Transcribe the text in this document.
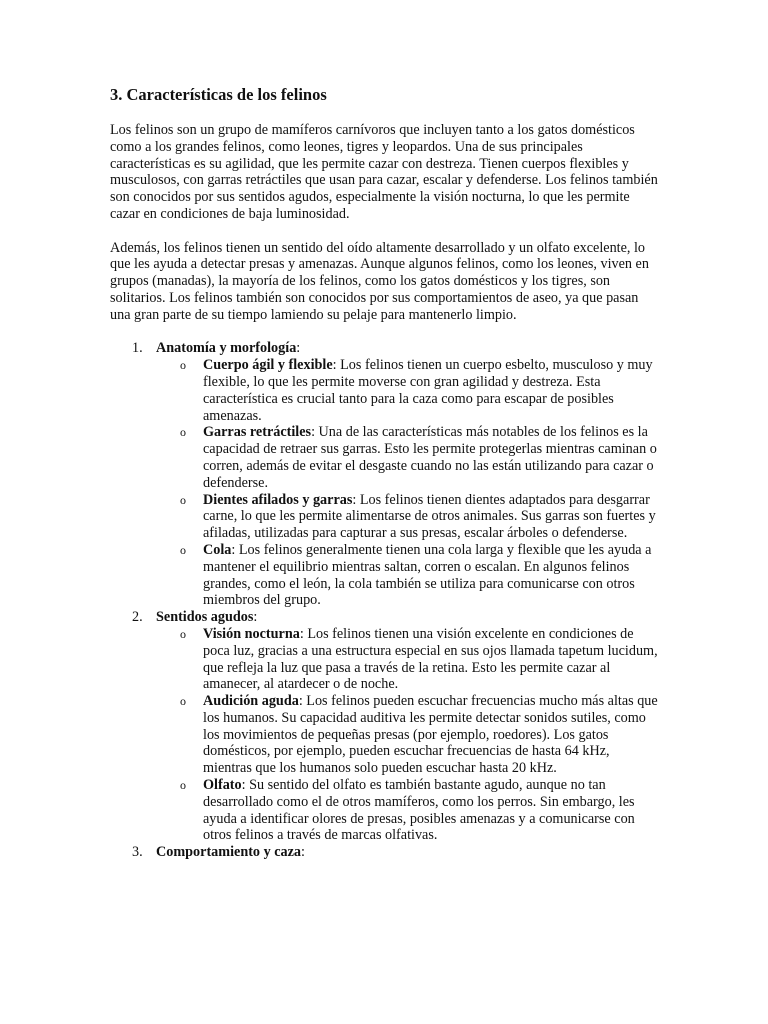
3. Características de los felinos

Los felinos son un grupo de mamíferos carnívoros que incluyen tanto a los gatos domésticos como a los grandes felinos, como leones, tigres y leopardos. Una de sus principales características es su agilidad, que les permite cazar con destreza. Tienen cuerpos flexibles y musculosos, con garras retráctiles que usan para cazar, escalar y defenderse. Los felinos también son conocidos por sus sentidos agudos, especialmente la visión nocturna, lo que les permite cazar en condiciones de baja luminosidad.

Además, los felinos tienen un sentido del oído altamente desarrollado y un olfato excelente, lo que les ayuda a detectar presas y amenazas. Aunque algunos felinos, como los leones, viven en grupos (manadas), la mayoría de los felinos, como los gatos domésticos y los tigres, son solitarios. Los felinos también son conocidos por sus comportamientos de aseo, ya que pasan una gran parte de su tiempo lamiendo su pelaje para mantenerlo limpio.

1. Anatomía y morfología:
o Cuerpo ágil y flexible: Los felinos tienen un cuerpo esbelto, musculoso y muy flexible, lo que les permite moverse con gran agilidad y destreza. Esta característica es crucial tanto para la caza como para escapar de posibles amenazas.
o Garras retráctiles: Una de las características más notables de los felinos es la capacidad de retraer sus garras. Esto les permite protegerlas mientras caminan o corren, además de evitar el desgaste cuando no las están utilizando para cazar o defenderse.
o Dientes afilados y garras: Los felinos tienen dientes adaptados para desgarrar carne, lo que les permite alimentarse de otros animales. Sus garras son fuertes y afiladas, utilizadas para capturar a sus presas, escalar árboles o defenderse.
o Cola: Los felinos generalmente tienen una cola larga y flexible que les ayuda a mantener el equilibrio mientras saltan, corren o escalan. En algunos felinos grandes, como el león, la cola también se utiliza para comunicarse con otros miembros del grupo.
2. Sentidos agudos:
o Visión nocturna: Los felinos tienen una visión excelente en condiciones de poca luz, gracias a una estructura especial en sus ojos llamada tapetum lucidum, que refleja la luz que pasa a través de la retina. Esto les permite cazar al amanecer, al atardecer o de noche.
o Audición aguda: Los felinos pueden escuchar frecuencias mucho más altas que los humanos. Su capacidad auditiva les permite detectar sonidos sutiles, como los movimientos de pequeñas presas (por ejemplo, roedores). Los gatos domésticos, por ejemplo, pueden escuchar frecuencias de hasta 64 kHz, mientras que los humanos solo pueden escuchar hasta 20 kHz.
o Olfato: Su sentido del olfato es también bastante agudo, aunque no tan desarrollado como el de otros mamíferos, como los perros. Sin embargo, les ayuda a identificar olores de presas, posibles amenazas y a comunicarse con otros felinos a través de marcas olfativas.
3. Comportamiento y caza:
